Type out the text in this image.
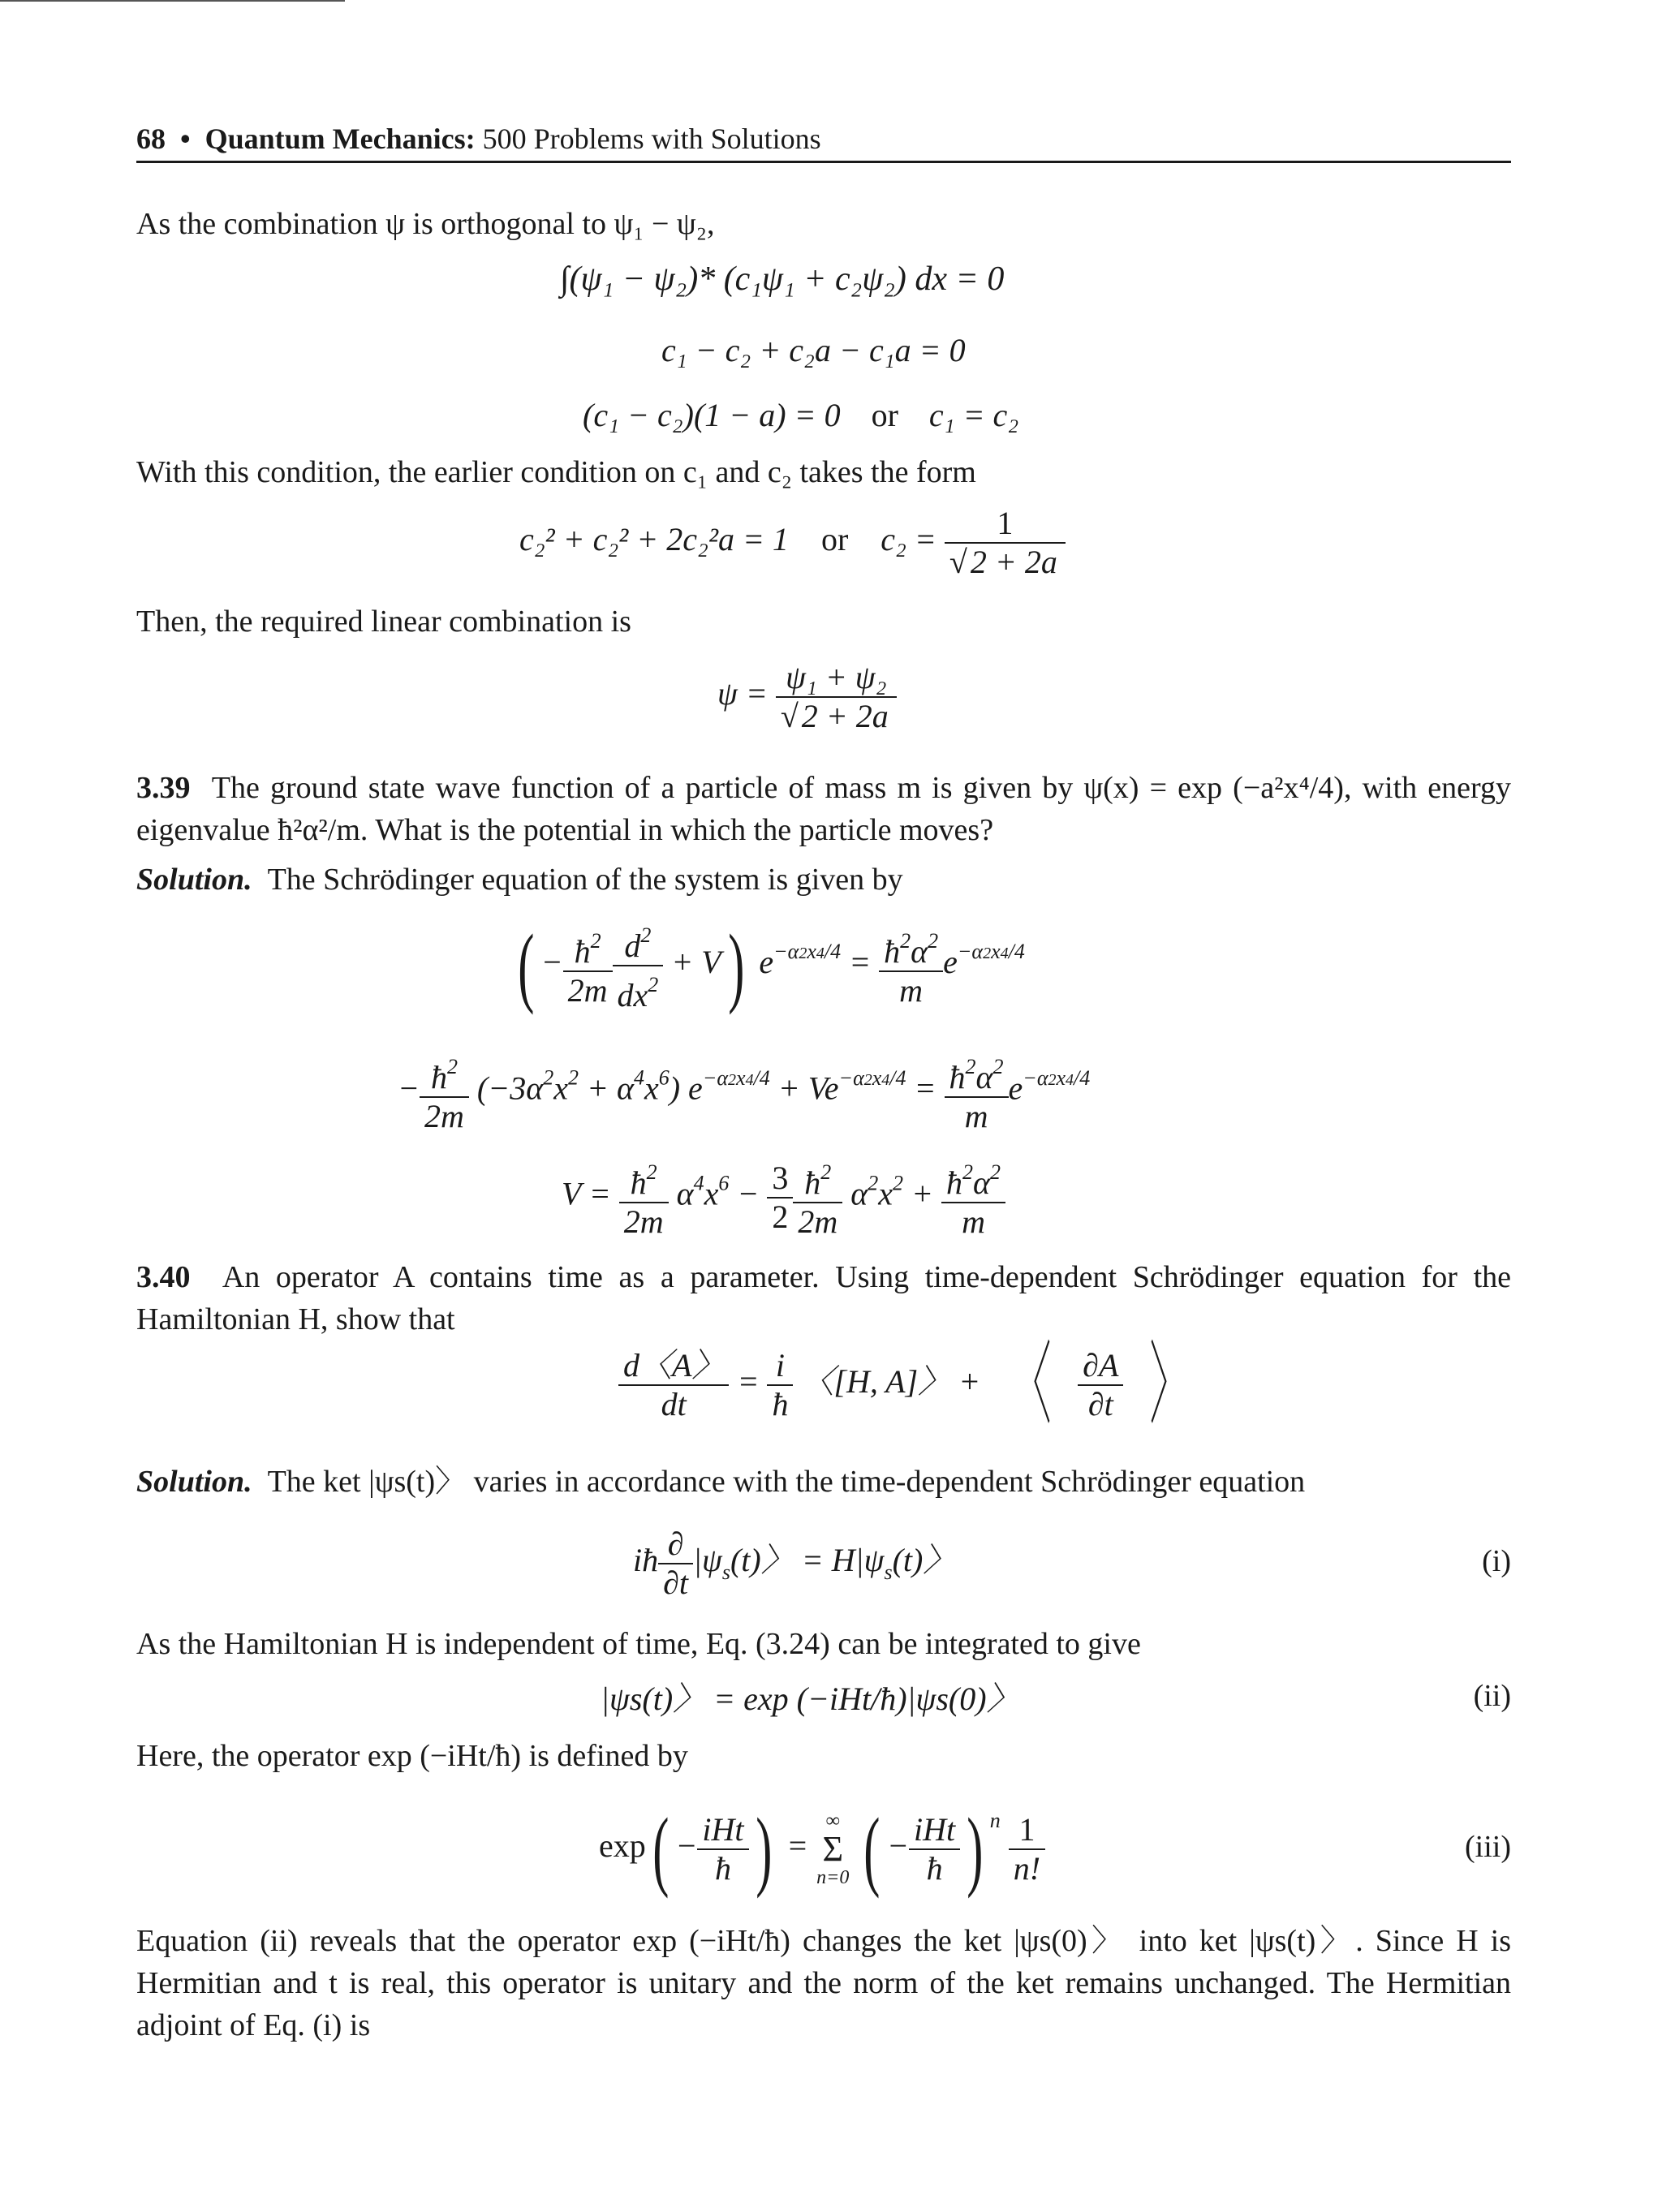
68 • Quantum Mechanics: 500 Problems with Solutions
As the combination ψ is orthogonal to ψ₁ − ψ₂,
∫(ψ₁ − ψ₂)* (c₁ψ₁ + c₂ψ₂) dx = 0
c₁ − c₂ + c₂a − c₁a = 0
(c₁ − c₂)(1 − a) = 0 or c₁ = c₂
With this condition, the earlier condition on c₁ and c₂ takes the form
c₂² + c₂² + 2c₂²a = 1 or $c_2 = \frac{1}{√ 2 + 2a}$
Then, the required linear combination is
$\psi = \frac{\text{ψ₁ + ψ₂}}{√ 2 + 2a}$
3.39 The ground state wave function of a particle of mass m is given by ψ(x) = exp (−a²x⁴/4), with energy eigenvalue ħ²α²/m. What is the potential in which the particle moves?
Solution. The Schrödinger equation of the system is given by
( − $\frac{ħ^2}{2m} \frac{d^2}{dx^2} + V$) $e^{-\alpha 2x4/4} = \frac{ħ^2\alpha^2}{m} e^{-\alpha 2x4/4}$
− $\frac{ħ^2}{2m} (-3\alpha^2x^2 + \alpha^4x^6) e^{-\alpha 2x4/4} + Ve^{-\alpha 2x4/4} = \frac{ħ^2\alpha^2}{m} e^{-\alpha 2x4/4}$
$V = \frac{ħ^2}{2m} \alpha^4x^6 - \frac{3}{2} \frac{ħ^2}{2m} \alpha^2x^2 + \frac{ħ^2\alpha^2}{m}$
3.40 An operator A contains time as a parameter. Using time-dependent Schrödinger equation for the Hamiltonian H, show that
$\frac{d〈A〉}{dt} = \frac{i}{ħ}$ 〈[H, A]〉 + 〈 $\frac{\partial A}{\partial t}$ 〉
Solution. The ket |ψs(t)〉 varies in accordance with the time-dependent Schrödinger equation
iħ $\frac{\partial}{\partial t} |\psi_s(t)$〉 = $H|\psi_s(t)$〉	(i)
As the Hamiltonian H is independent of time, Eq. (3.24) can be integrated to give
|ψs(t)〉 = exp (−iHt/ħ)|ψs(0)〉	(ii)
Here, the operator exp (−iHt/ħ) is defined by
$\exp( - \frac{\text{iHt}}{ħ}$ ) =
∞
Σ
n=0 ( − $\frac{\text{iHt}}{ħ}$ ) $^n \frac{1}{n!}$	(iii)
Equation (ii) reveals that the operator exp (−iHt/ħ) changes the ket |ψs(0)〉 into ket |ψs(t)〉. Since H is Hermitian and t is real, this operator is unitary and the norm of the ket remains unchanged. The Hermitian adjoint of Eq. (i) is
